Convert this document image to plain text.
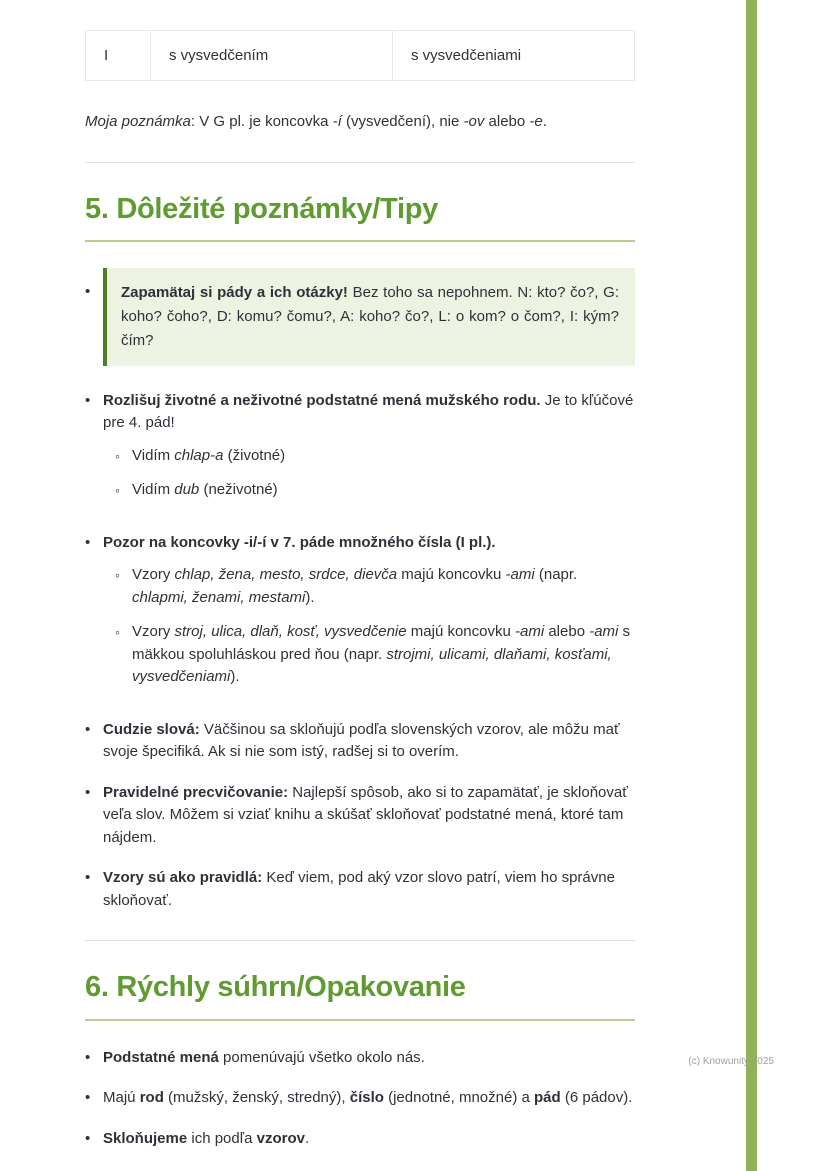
I	s vysvedčením	s vysvedčeniami

Moja poznámka: V G pl. je koncovka -í (vysvedčení), nie -ov alebo -e.

5. Dôležité poznámky/Tipy
•	Zapamätaj si pády a ich otázky! Bez toho sa nepohnem. N: kto? čo?, G: koho? čoho?, D: komu? čomu?, A: koho? čo?, L: o kom? o čom?, I: kým? čím?

• Rozlišuj životné a neživotné podstatné mená mužského rodu. Je to kľúčové pre 4. pád!

◦ Vidím chlap-a (životné)

◦ Vidím dub (neživotné)

• Pozor na koncovky -i/-í v 7. páde množného čísla (I pl.).

◦ Vzory chlap, žena, mesto, srdce, dievča majú koncovku -ami (napr. chlapmi, ženami, mestami).

◦ Vzory stroj, ulica, dlaň, kosť, vysvedčenie majú koncovku -ami alebo -ami s mäkkou spoluhláskou pred ňou (napr. strojmi, ulicami, dlaňami, kosťami, vysvedčeniami).

• Cudzie slová: Väčšinou sa skloňujú podľa slovenských vzorov, ale môžu mať svoje špecifiká. Ak si nie som istý, radšej si to overím.

• Pravidelné precvičovanie: Najlepší spôsob, ako si to zapamätať, je skloňovať veľa slov. Môžem si vziať knihu a skúšať skloňovať podstatné mená, ktoré tam nájdem.

• Vzory sú ako pravidlá: Keď viem, pod aký vzor slovo patrí, viem ho správne skloňovať.

6. Rýchly súhrn/Opakovanie
• Podstatné mená pomenúvajú všetko okolo nás.

• Majú rod (mužský, ženský, stredný), číslo (jednotné, množné) a pád (6 pádov).

• Skloňujeme ich podľa vzorov.

(c) Knowunity 2025
